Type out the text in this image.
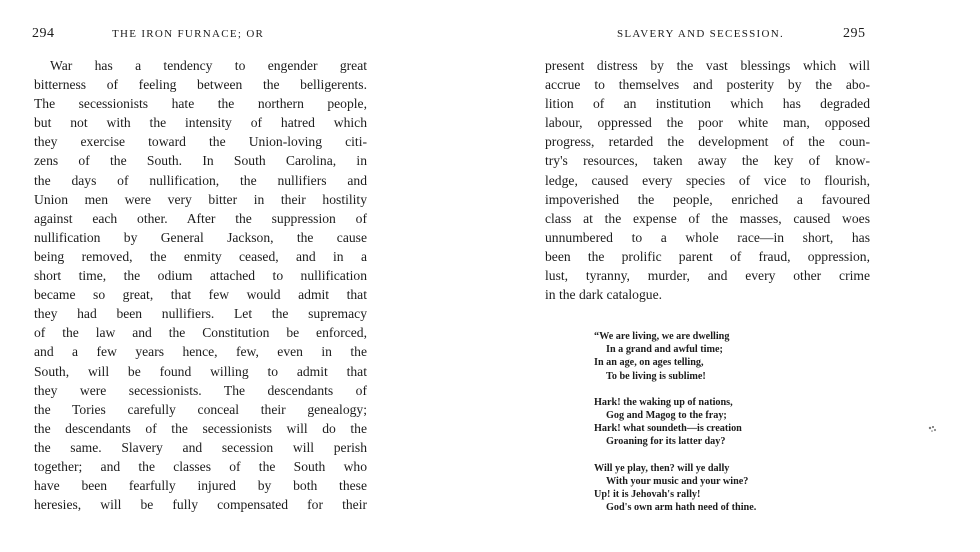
294	THE IRON FURNACE; OR
War has a tendency to engender great
bitterness of feeling between the belligerents.
The secessionists hate the northern people,
but not with the intensity of hatred which
they exercise toward the Union-loving citi-
zens of the South. In South Carolina, in
the days of nullification, the nullifiers and
Union men were very bitter in their hostility
against each other. After the suppression of
nullification by General Jackson, the cause
being removed, the enmity ceased, and in a
short time, the odium attached to nullification
became so great, that few would admit that
they had been nullifiers. Let the supremacy
of the law and the Constitution be enforced,
and a few years hence, few, even in the
South, will be found willing to admit that
they were secessionists. The descendants of
the Tories carefully conceal their genealogy;
the descendants of the secessionists will do the
the same. Slavery and secession will perish
together; and the classes of the South who
have been fearfully injured by both these
heresies, will be fully compensated for their
SLAVERY AND SECESSION.	295
present distress by the vast blessings which will
accrue to themselves and posterity by the abo-
lition of an institution which has degraded
labour, oppressed the poor white man, opposed
progress, retarded the development of the coun-
try's resources, taken away the key of know-
ledge, caused every species of vice to flourish,
impoverished the people, enriched a favoured
class at the expense of the masses, caused woes
unnumbered to a whole race—in short, has
been the prolific parent of fraud, oppression,
lust, tyranny, murder, and every other crime
in the dark catalogue.
“We are living, we are dwelling
In a grand and awful time;
In an age, on ages telling,
To be living is sublime!
Hark! the waking up of nations,
Gog and Magog to the fray;
Hark! what soundeth—is creation
Groaning for its latter day?
Will ye play, then? will ye dally
With your music and your wine?
Up! it is Jehovah's rally!
God's own arm hath need of thine.
